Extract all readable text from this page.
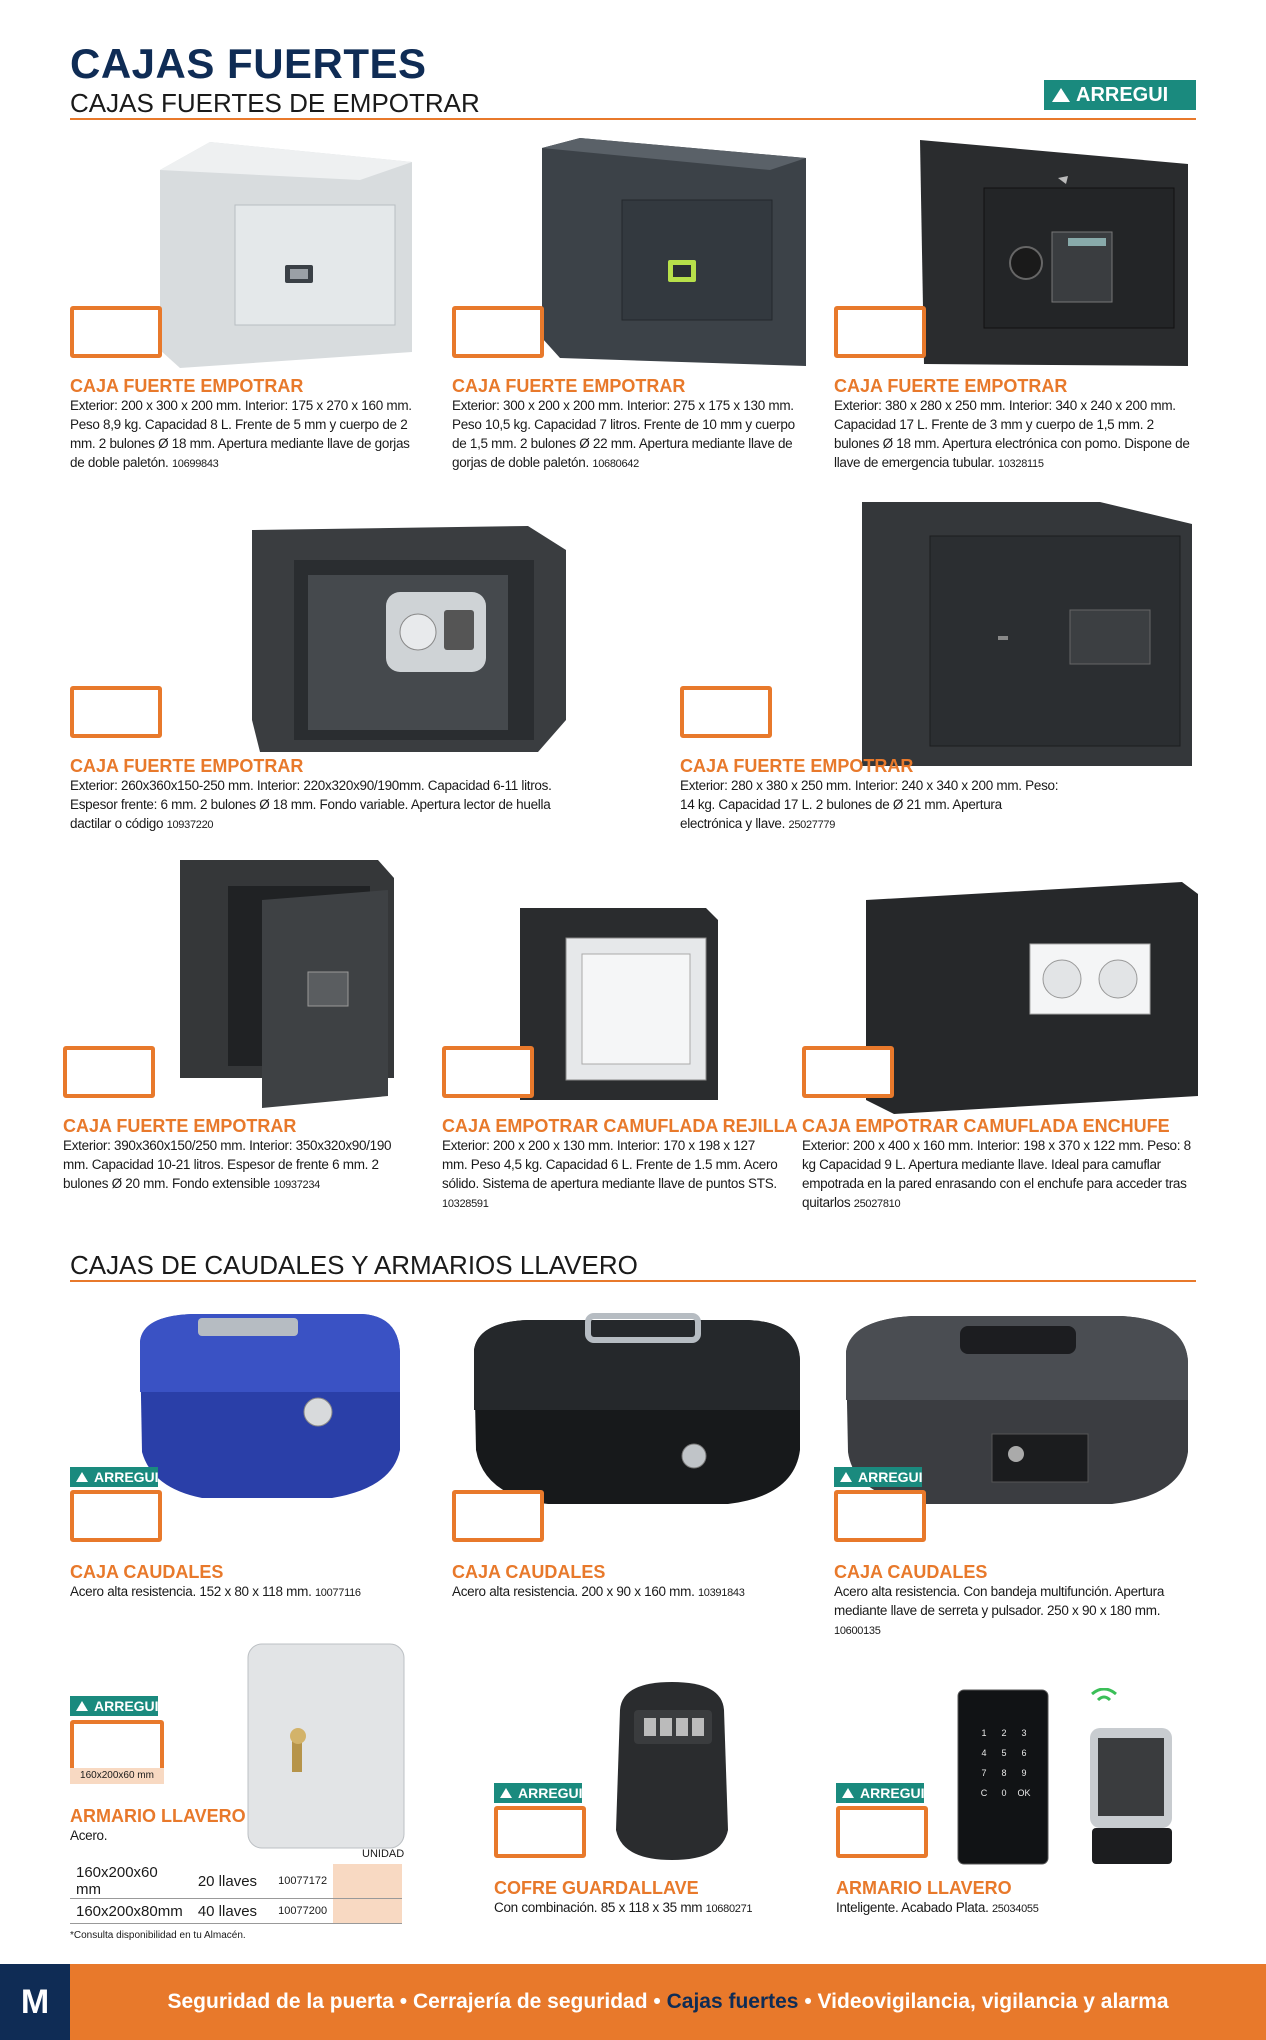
CAJAS FUERTES
CAJAS FUERTES DE EMPOTRAR	ARREGUI
CAJA FUERTE EMPOTRAR
Exterior: 200 x 300 x 200 mm. Interior: 175 x 270 x 160 mm. Peso 8,9 kg. Capacidad 8 L. Frente de 5 mm y cuerpo de 2 mm. 2 bulones Ø 18 mm. Apertura mediante llave de gorjas de doble paletón. 10699843
CAJA FUERTE EMPOTRAR
Exterior: 300 x 200 x 200 mm. Interior: 275 x 175 x 130 mm. Peso 10,5 kg. Capacidad 7 litros. Frente de 10 mm y cuerpo de 1,5 mm. 2 bulones Ø 22 mm. Apertura mediante llave de gorjas de doble paletón. 10680642
CAJA FUERTE EMPOTRAR
Exterior: 380 x 280 x 250 mm. Interior: 340 x 240 x 200 mm. Capacidad 17 L. Frente de 3 mm y cuerpo de 1,5 mm. 2 bulones Ø 18 mm. Apertura electrónica con pomo. Dispone de llave de emergencia tubular. 10328115
CAJA FUERTE EMPOTRAR
Exterior: 260x360x150-250 mm. Interior: 220x320x90/190mm. Capacidad 6-11 litros. Espesor frente: 6 mm. 2 bulones Ø 18 mm. Fondo variable. Apertura lector de huella dactilar o código 10937220
CAJA FUERTE EMPOTRAR
Exterior: 280 x 380 x 250 mm. Interior: 240 x 340 x 200 mm. Peso: 14 kg. Capacidad 17 L. 2 bulones de Ø 21 mm. Apertura electrónica y llave. 25027779
CAJA FUERTE EMPOTRAR
Exterior: 390x360x150/250 mm. Interior: 350x320x90/190 mm. Capacidad 10-21 litros. Espesor de frente 6 mm. 2 bulones Ø 20 mm. Fondo extensible 10937234
CAJA EMPOTRAR CAMUFLADA REJILLA
Exterior: 200 x 200 x 130 mm. Interior: 170 x 198 x 127 mm. Peso 4,5 kg. Capacidad 6 L. Frente de 1.5 mm. Acero sólido. Sistema de apertura mediante llave de puntos STS. 10328591
CAJA EMPOTRAR CAMUFLADA ENCHUFE
Exterior: 200 x 400 x 160 mm. Interior: 198 x 370 x 122 mm. Peso: 8 kg Capacidad 9 L. Apertura mediante llave. Ideal para camuflar empotrada en la pared enrasando con el enchufe para acceder tras quitarlos 25027810
CAJAS DE CAUDALES Y ARMARIOS LLAVERO
ARREGUI
CAJA CAUDALES
Acero alta resistencia. 152 x 80 x 118 mm. 10077116
CAJA CAUDALES
Acero alta resistencia. 200 x 90 x 160 mm. 10391843
ARREGUI
CAJA CAUDALES
Acero alta resistencia. Con bandeja multifunción. Apertura mediante llave de serreta y pulsador. 250 x 90 x 180 mm. 10600135
ARREGUI
160x200x60 mm
ARMARIO LLAVERO
Acero.
UNIDAD
160x200x60 mm	20 llaves	10077172	
160x200x80mm	40 llaves	10077200	
*Consulta disponibilidad en tu Almacén.
ARREGUI
COFRE GUARDALLAVE
Con combinación. 85 x 118 x 35 mm 10680271
1 2 3
4 5 6
7 8 9
C 0 OK
ARREGUI
ARMARIO LLAVERO
Inteligente. Acabado Plata. 25034055
M	Seguridad de la puerta • Cerrajería de seguridad • Cajas fuertes • Videovigilancia, vigilancia y alarma
